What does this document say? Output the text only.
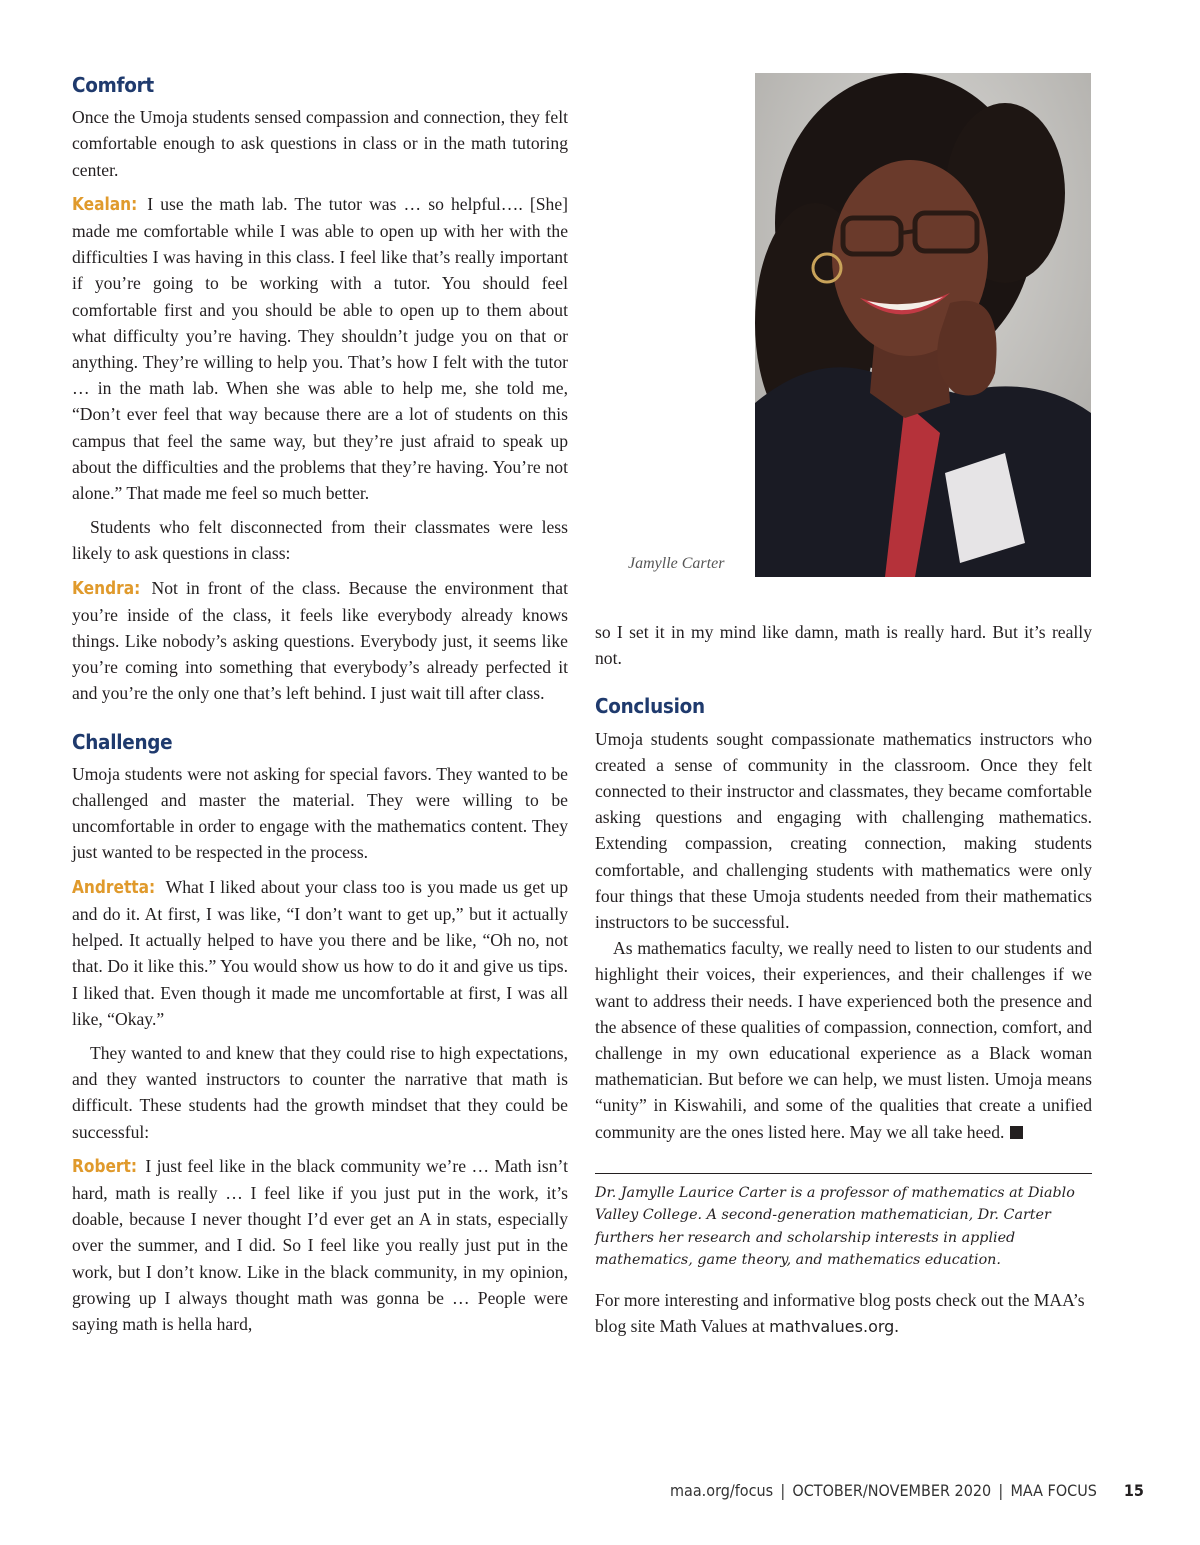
Comfort

Once the Umoja students sensed compassion and connection, they felt comfortable enough to ask questions in class or in the math tutoring center.

Kealan: I use the math lab. The tutor was … so helpful…. [She] made me comfortable while I was able to open up with her with the difficulties I was having in this class. I feel like that’s really important if you’re going to be working with a tutor. You should feel comfortable first and you should be able to open up to them about what difficulty you’re having. They shouldn’t judge you on that or anything. They’re willing to help you. That’s how I felt with the tutor … in the math lab. When she was able to help me, she told me, “Don’t ever feel that way because there are a lot of students on this campus that feel the same way, but they’re just afraid to speak up about the difficulties and the problems that they’re having. You’re not alone.” That made me feel so much better.

Students who felt disconnected from their classmates were less likely to ask questions in class:

Kendra: Not in front of the class. Because the environment that you’re inside of the class, it feels like everybody already knows things. Like nobody’s asking questions. Everybody just, it seems like you’re coming into something that everybody’s already perfected it and you’re the only one that’s left behind. I just wait till after class.

Challenge

Umoja students were not asking for special favors. They wanted to be challenged and master the material. They were willing to be uncomfortable in order to engage with the mathematics content. They just wanted to be respected in the process.

Andretta: What I liked about your class too is you made us get up and do it. At first, I was like, “I don’t want to get up,” but it actually helped. It actually helped to have you there and be like, “Oh no, not that. Do it like this.” You would show us how to do it and give us tips. I liked that. Even though it made me uncomfortable at first, I was all like, “Okay.”

They wanted to and knew that they could rise to high expectations, and they wanted instructors to counter the narrative that math is difficult. These students had the growth mindset that they could be successful:

Robert: I just feel like in the black community we’re … Math isn’t hard, math is really … I feel like if you just put in the work, it’s doable, because I never thought I’d ever get an A in stats, especially over the summer, and I did. So I feel like you really just put in the work, but I don’t know. Like in the black community, in my opinion, growing up I always thought math was gonna be … People were saying math is hella hard,

Jamylle Carter

so I set it in my mind like damn, math is really hard. But it’s really not.

Conclusion

Umoja students sought compassionate mathematics instructors who created a sense of community in the classroom. Once they felt connected to their instructor and classmates, they became comfortable asking questions and engaging with challenging mathematics. Extending compassion, creating connection, making students comfortable, and challenging students with mathematics were only four things that these Umoja students needed from their mathematics instructors to be successful.

As mathematics faculty, we really need to listen to our students and highlight their voices, their experiences, and their challenges if we want to address their needs. I have experienced both the presence and the absence of these qualities of compassion, connection, comfort, and challenge in my own educational experience as a Black woman mathematician. But before we can help, we must listen. Umoja means “unity” in Kiswahili, and some of the qualities that create a unified community are the ones listed here. May we all take heed.

Dr. Jamylle Laurice Carter is a professor of mathematics at Diablo Valley College. A second-generation mathematician, Dr. Carter furthers her research and scholarship interests in applied mathematics, game theory, and mathematics education.

For more interesting and informative blog posts check out the MAA’s blog site Math Values at mathvalues.org.

maa.org/focus | OCTOBER/NOVEMBER 2020 | MAA FOCUS 15
